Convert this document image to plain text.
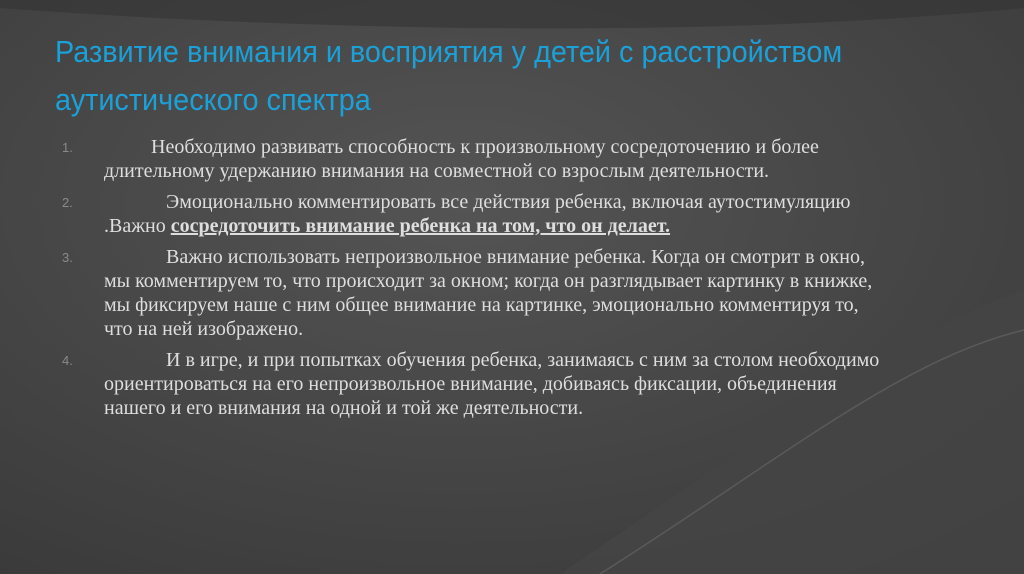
Развитие внимания и восприятия у детей с расстройством аутистического спектра
1.	Необходимо развивать способность к произвольному сосредоточению и более длительному удержанию внимания на совместной со взрослым деятельности.
2.	Эмоционально комментировать все действия ребенка, включая аутостимуляцию .Важно сосредоточить внимание ребенка на том, что он делает.
3.	Важно использовать непроизвольное внимание ребенка. Когда он смотрит в окно, мы комментируем то, что происходит за окном; когда он разглядывает картинку в книжке, мы фиксируем наше с ним общее внимание на картинке, эмоционально комментируя то, что на ней изображено.
4.	И в игре, и при попытках обучения ребенка, занимаясь с ним за столом необходимо ориентироваться на его непроизвольное внимание, добиваясь фиксации, объединения нашего и его внимания на одной и той же деятельности.
